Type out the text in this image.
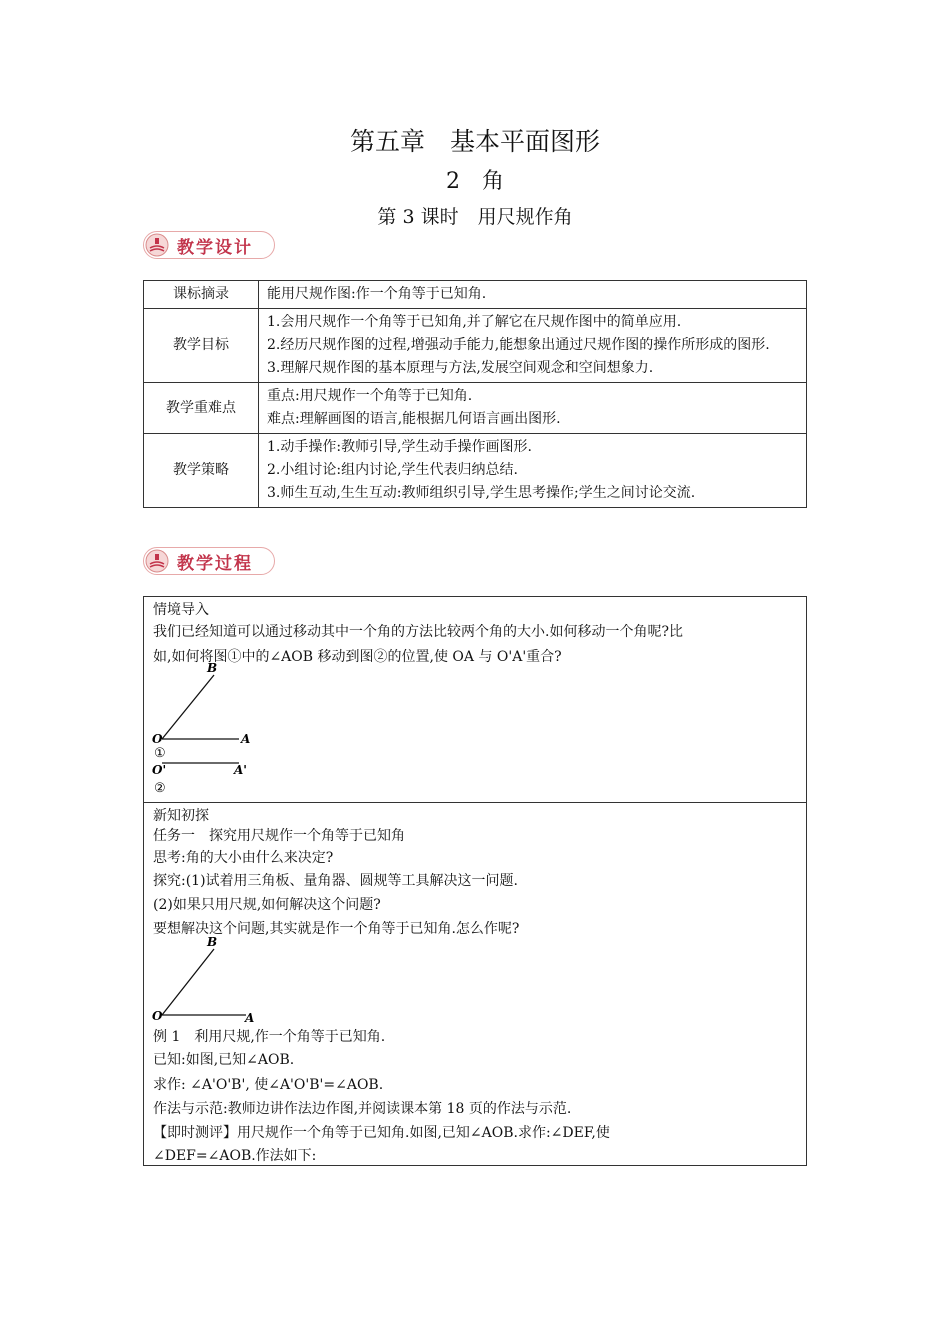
第五章　基本平面图形
2　角
第 3 课时　用尺规作角
教学设计
课标摘录	能用尺规作图:作一个角等于已知角.

教学目标	1.会用尺规作一个角等于已知角,并了解它在尺规作图中的简单应用.
2.经历尺规作图的过程,增强动手能力,能想象出通过尺规作图的操作所形成的图形.
3.理解尺规作图的基本原理与方法,发展空间观念和空间想象力.

教学重难点	重点:用尺规作一个角等于已知角.
难点:理解画图的语言,能根据几何语言画出图形.

教学策略	1.动手操作:教师引导,学生动手操作画图形.
2.小组讨论:组内讨论,学生代表归纳总结.
3.师生互动,生生互动:教师组织引导,学生思考操作;学生之间讨论交流.
教学过程
情境导入
我们已经知道可以通过移动其中一个角的方法比较两个角的大小.如何移动一个角呢?比
如,如何将图①中的∠AOB 移动到图②的位置,使 OA 与 O'A'重合?
B
O	A
①
O'	A'
②
新知初探
任务一　探究用尺规作一个角等于已知角
思考:角的大小由什么来决定?
探究:(1)试着用三角板、量角器、圆规等工具解决这一问题.
(2)如果只用尺规,如何解决这个问题?
要想解决这个问题,其实就是作一个角等于已知角.怎么作呢?
B
O	A
例 1　利用尺规,作一个角等于已知角.
已知:如图,已知∠AOB.
求作: ∠A'O'B', 使∠A'O'B'=∠AOB.
作法与示范:教师边讲作法边作图,并阅读课本第 18 页的作法与示范.
【即时测评】用尺规作一个角等于已知角.如图,已知∠AOB.求作:∠DEF,使
∠DEF=∠AOB.作法如下:
